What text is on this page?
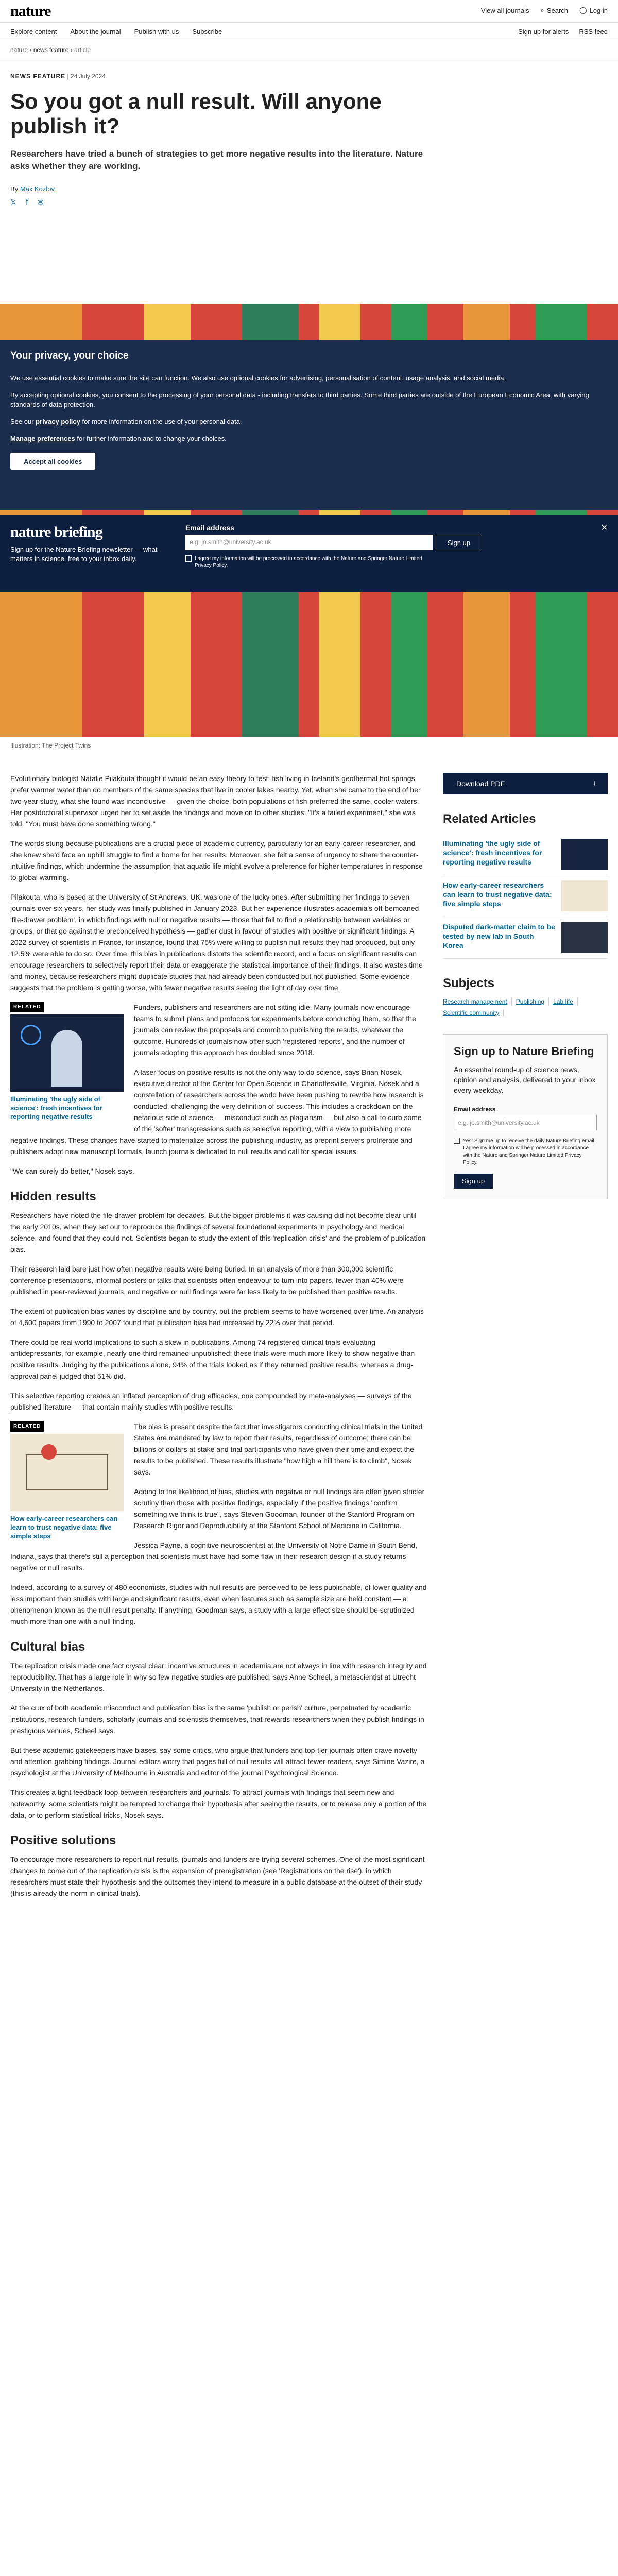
nature	View all journals ⌕ Search ◯ Log in
Explore content About the journal Publish with us Subscribe	Sign up for alerts RSS feed
nature › news feature › article
NEWS FEATURE | 24 July 2024
So you got a null result. Will anyone publish it?

Researchers have tried a bunch of strategies to get more negative results into the literature. Nature asks whether they are working.

By Max Kozlov
𝕏 f ✉
Illustration: The Project Twins
Your privacy, your choice

We use essential cookies to make sure the site can function. We also use optional cookies for advertising, personalisation of content, usage analysis, and social media.

By accepting optional cookies, you consent to the processing of your personal data - including transfers to third parties. Some third parties are outside of the European Economic Area, with varying standards of data protection.

See our privacy policy for more information on the use of your personal data.

Manage preferences for further information and to change your choices.

Accept all cookies
nature briefing
Sign up for the Nature Briefing newsletter — what matters in science, free to your inbox daily.
Email address
e.g. jo.smith@university.ac.uk	Sign up
I agree my information will be processed in accordance with the Nature and Springer Nature Limited Privacy Policy.
✕

Evolutionary biologist Natalie Pilakouta thought it would be an easy theory to test: fish living in Iceland's geothermal hot springs prefer warmer water than do members of the same species that live in cooler lakes nearby. Yet, when she came to the end of her two-year study, what she found was inconclusive — given the choice, both populations of fish preferred the same, cooler waters. Her postdoctoral supervisor urged her to set aside the findings and move on to other studies: "It's a failed experiment," she was told. "You must have done something wrong."

The words stung because publications are a crucial piece of academic currency, particularly for an early-career researcher, and she knew she'd face an uphill struggle to find a home for her results. Moreover, she felt a sense of urgency to share the counter-intuitive findings, which undermine the assumption that aquatic life might evolve a preference for higher temperatures in response to global warming.

Pilakouta, who is based at the University of St Andrews, UK, was one of the lucky ones. After submitting her findings to seven journals over six years, her study was finally published in January 2023. But her experience illustrates academia's oft-bemoaned 'file-drawer problem', in which findings with null or negative results — those that fail to find a relationship between variables or groups, or that go against the preconceived hypothesis — gather dust in favour of studies with positive or significant findings. A 2022 survey of scientists in France, for instance, found that 75% were willing to publish null results they had produced, but only 12.5% were able to do so. Over time, this bias in publications distorts the scientific record, and a focus on significant results can encourage researchers to selectively report their data or exaggerate the statistical importance of their findings. It also wastes time and money, because researchers might duplicate studies that had already been conducted but not published. Some evidence suggests that the problem is getting worse, with fewer negative results seeing the light of day over time.

RELATED
Illuminating 'the ugly side of science': fresh incentives for reporting negative results

Funders, publishers and researchers are not sitting idle. Many journals now encourage teams to submit plans and protocols for experiments before conducting them, so that the journals can review the proposals and commit to publishing the results, whatever the outcome. Hundreds of journals now offer such 'registered reports', and the number of journals adopting this approach has doubled since 2018.

A laser focus on positive results is not the only way to do science, says Brian Nosek, executive director of the Center for Open Science in Charlottesville, Virginia. Nosek and a constellation of researchers across the world have been pushing to rewrite how research is conducted, challenging the very definition of success. This includes a crackdown on the nefarious side of science — misconduct such as plagiarism — but also a call to curb some of the 'softer' transgressions such as selective reporting, with a view to publishing more negative findings. These changes have started to materialize across the publishing industry, as preprint servers proliferate and publishers adopt new manuscript formats, launch journals dedicated to null results and call for special issues.

"We can surely do better," Nosek says.

Hidden results

Researchers have noted the file-drawer problem for decades. But the bigger problems it was causing did not become clear until the early 2010s, when they set out to reproduce the findings of several foundational experiments in psychology and medical science, and found that they could not. Scientists began to study the extent of this 'replication crisis' and the problem of publication bias.

Their research laid bare just how often negative results were being buried. In an analysis of more than 300,000 scientific conference presentations, informal posters or talks that scientists often endeavour to turn into papers, fewer than 40% were published in peer-reviewed journals, and negative or null findings were far less likely to be published than positive results.

The extent of publication bias varies by discipline and by country, but the problem seems to have worsened over time. An analysis of 4,600 papers from 1990 to 2007 found that publication bias had increased by 22% over that period.

There could be real-world implications to such a skew in publications. Among 74 registered clinical trials evaluating antidepressants, for example, nearly one-third remained unpublished; these trials were much more likely to show negative than positive results. Judging by the publications alone, 94% of the trials looked as if they returned positive results, whereas a drug-approval panel judged that 51% did.

This selective reporting creates an inflated perception of drug efficacies, one compounded by meta-analyses — surveys of the published literature — that contain mainly studies with positive results.

RELATED
How early-career researchers can learn to trust negative data: five simple steps

The bias is present despite the fact that investigators conducting clinical trials in the United States are mandated by law to report their results, regardless of outcome; there can be billions of dollars at stake and trial participants who have given their time and expect the results to be published. These results illustrate "how high a hill there is to climb", Nosek says.

Adding to the likelihood of bias, studies with negative or null findings are often given stricter scrutiny than those with positive findings, especially if the positive findings "confirm something we think is true", says Steven Goodman, founder of the Stanford Program on Research Rigor and Reproducibility at the Stanford School of Medicine in California.

Jessica Payne, a cognitive neuroscientist at the University of Notre Dame in South Bend, Indiana, says that there's still a perception that scientists must have had some flaw in their research design if a study returns negative or null results.

Indeed, according to a survey of 480 economists, studies with null results are perceived to be less publishable, of lower quality and less important than studies with large and significant results, even when features such as sample size are held constant — a phenomenon known as the null result penalty. If anything, Goodman says, a study with a large effect size should be scrutinized much more than one with a null finding.

Cultural bias

The replication crisis made one fact crystal clear: incentive structures in academia are not always in line with research integrity and reproducibility. That has a large role in why so few negative studies are published, says Anne Scheel, a metascientist at Utrecht University in the Netherlands.

At the crux of both academic misconduct and publication bias is the same 'publish or perish' culture, perpetuated by academic institutions, research funders, scholarly journals and scientists themselves, that rewards researchers when they publish findings in prestigious venues, Scheel says.

But these academic gatekeepers have biases, say some critics, who argue that funders and top-tier journals often crave novelty and attention-grabbing findings. Journal editors worry that pages full of null results will attract fewer readers, says Simine Vazire, a psychologist at the University of Melbourne in Australia and editor of the journal Psychological Science.

This creates a tight feedback loop between researchers and journals. To attract journals with findings that seem new and noteworthy, some scientists might be tempted to change their hypothesis after seeing the results, or to release only a portion of the data, or to perform statistical tricks, Nosek says.

Positive solutions

To encourage more researchers to report null results, journals and funders are trying several schemes. One of the most significant changes to come out of the replication crisis is the expansion of preregistration (see 'Registrations on the rise'), in which researchers must state their hypothesis and the outcomes they intend to measure in a public database at the outset of their study (this is already the norm in clinical trials).

Download PDF	↓
Related Articles
Illuminating 'the ugly side of science': fresh incentives for reporting negative results
How early-career researchers can learn to trust negative data: five simple steps
Disputed dark-matter claim to be tested by new lab in South Korea
Subjects
Research management	Publishing	Lab life
Scientific community
Sign up to Nature Briefing

An essential round-up of science news, opinion and analysis, delivered to your inbox every weekday.

Email address
e.g. jo.smith@university.ac.uk
Yes! Sign me up to receive the daily Nature Briefing email. I agree my information will be processed in accordance with the Nature and Springer Nature Limited Privacy Policy.
Sign up
